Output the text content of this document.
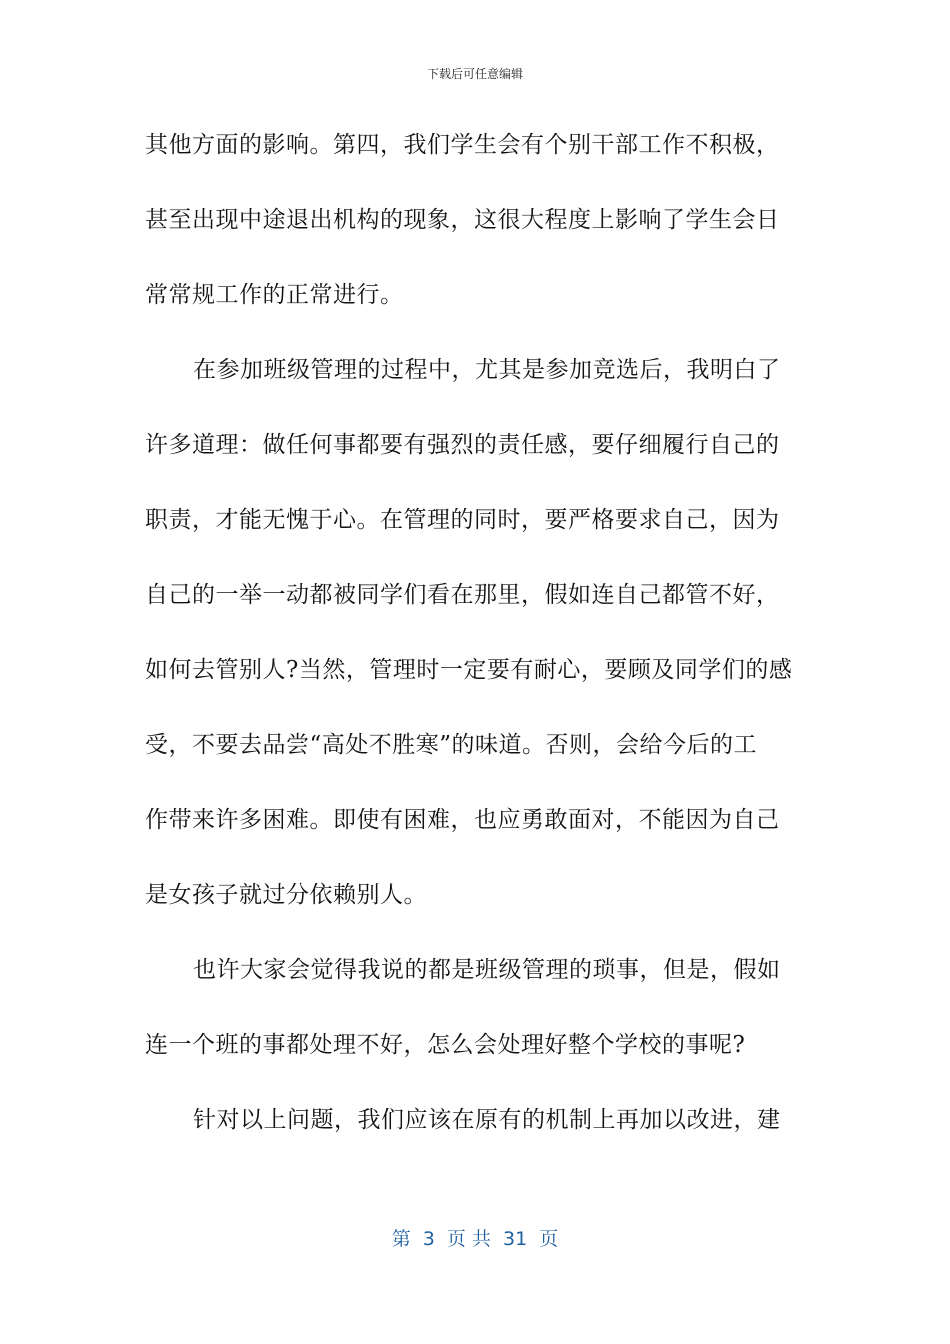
下载后可任意编辑
其他方面的影响。第四，我们学生会有个别干部工作不积极，
甚至出现中途退出机构的现象，这很大程度上影响了学生会日
常常规工作的正常进行。
在参加班级管理的过程中，尤其是参加竞选后，我明白了
许多道理：做任何事都要有强烈的责任感，要仔细履行自己的
职责，才能无愧于心。在管理的同时，要严格要求自己，因为
自己的一举一动都被同学们看在那里，假如连自己都管不好，
如何去管别人?当然，管理时一定要有耐心，要顾及同学们的感
受，不要去品尝“高处不胜寒”的味道。否则，会给今后的工
作带来许多困难。即使有困难，也应勇敢面对，不能因为自己
是女孩子就过分依赖别人。
也许大家会觉得我说的都是班级管理的琐事，但是，假如
连一个班的事都处理不好，怎么会处理好整个学校的事呢?
针对以上问题，我们应该在原有的机制上再加以改进，建
第  3  页 共  31  页
